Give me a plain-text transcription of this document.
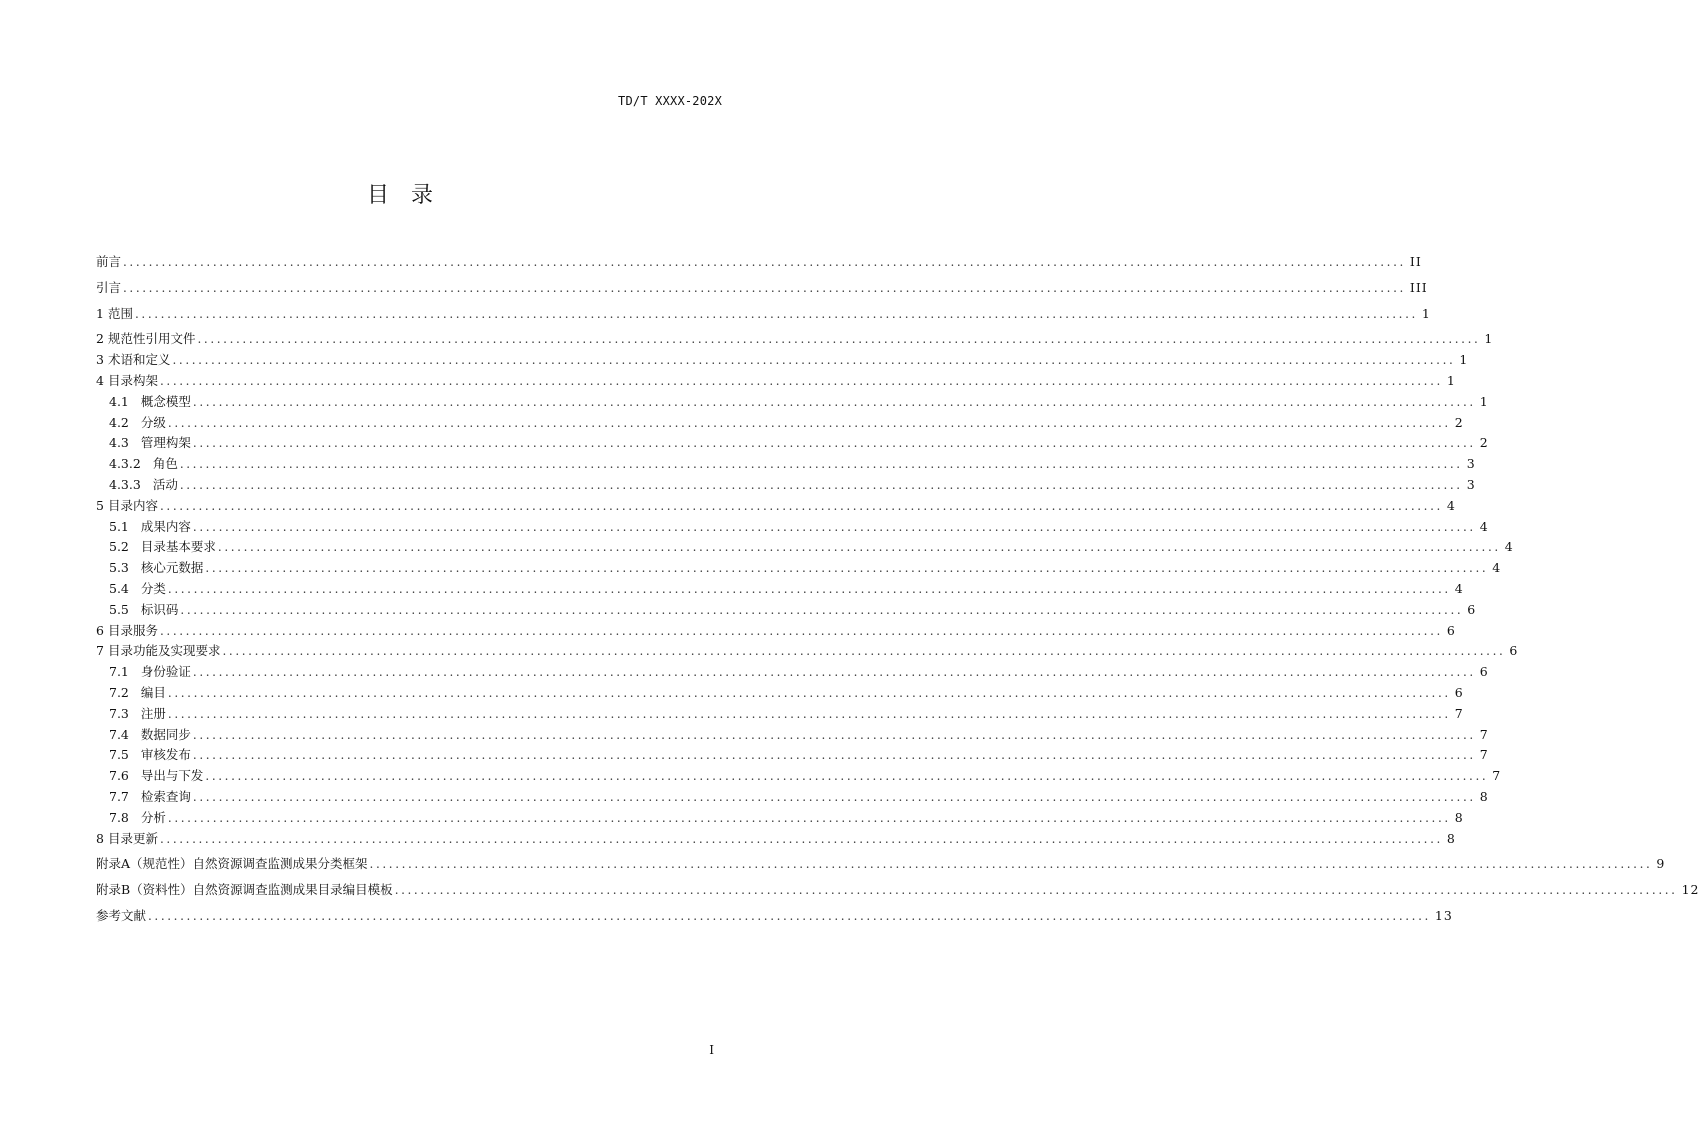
TD/T XXXX-202X
目录
前言 ........................................................................................................................................................................................................ II
引言 ........................................................................................................................................................................................................ III
1 范围 ........................................................................................................................................................................................................ 1
2 规范性引用文件 ........................................................................................................................................................................................................ 1
3 术语和定义 ........................................................................................................................................................................................................ 1
4 目录构架 ........................................................................................................................................................................................................ 1
4.1 概念模型 ........................................................................................................................................................................................................ 1
4.2 分级 ........................................................................................................................................................................................................ 2
4.3 管理构架 ........................................................................................................................................................................................................ 2
4.3.2 角色 ........................................................................................................................................................................................................ 3
4.3.3 活动 ........................................................................................................................................................................................................ 3
5 目录内容 ........................................................................................................................................................................................................ 4
5.1 成果内容 ........................................................................................................................................................................................................ 4
5.2 目录基本要求 ........................................................................................................................................................................................................ 4
5.3 核心元数据 ........................................................................................................................................................................................................ 4
5.4 分类 ........................................................................................................................................................................................................ 4
5.5 标识码 ........................................................................................................................................................................................................ 6
6 目录服务 ........................................................................................................................................................................................................ 6
7 目录功能及实现要求 ........................................................................................................................................................................................................ 6
7.1 身份验证 ........................................................................................................................................................................................................ 6
7.2 编目 ........................................................................................................................................................................................................ 6
7.3 注册 ........................................................................................................................................................................................................ 7
7.4 数据同步 ........................................................................................................................................................................................................ 7
7.5 审核发布 ........................................................................................................................................................................................................ 7
7.6 导出与下发 ........................................................................................................................................................................................................ 7
7.7 检索查询 ........................................................................................................................................................................................................ 8
7.8 分析 ........................................................................................................................................................................................................ 8
8 目录更新 ........................................................................................................................................................................................................ 8
附录A（规范性）自然资源调查监测成果分类框架 ........................................................................................................................................................................................................ 9
附录B（资料性）自然资源调查监测成果目录编目模板 ........................................................................................................................................................................................................ 12
参考文献 ........................................................................................................................................................................................................ 13
I
